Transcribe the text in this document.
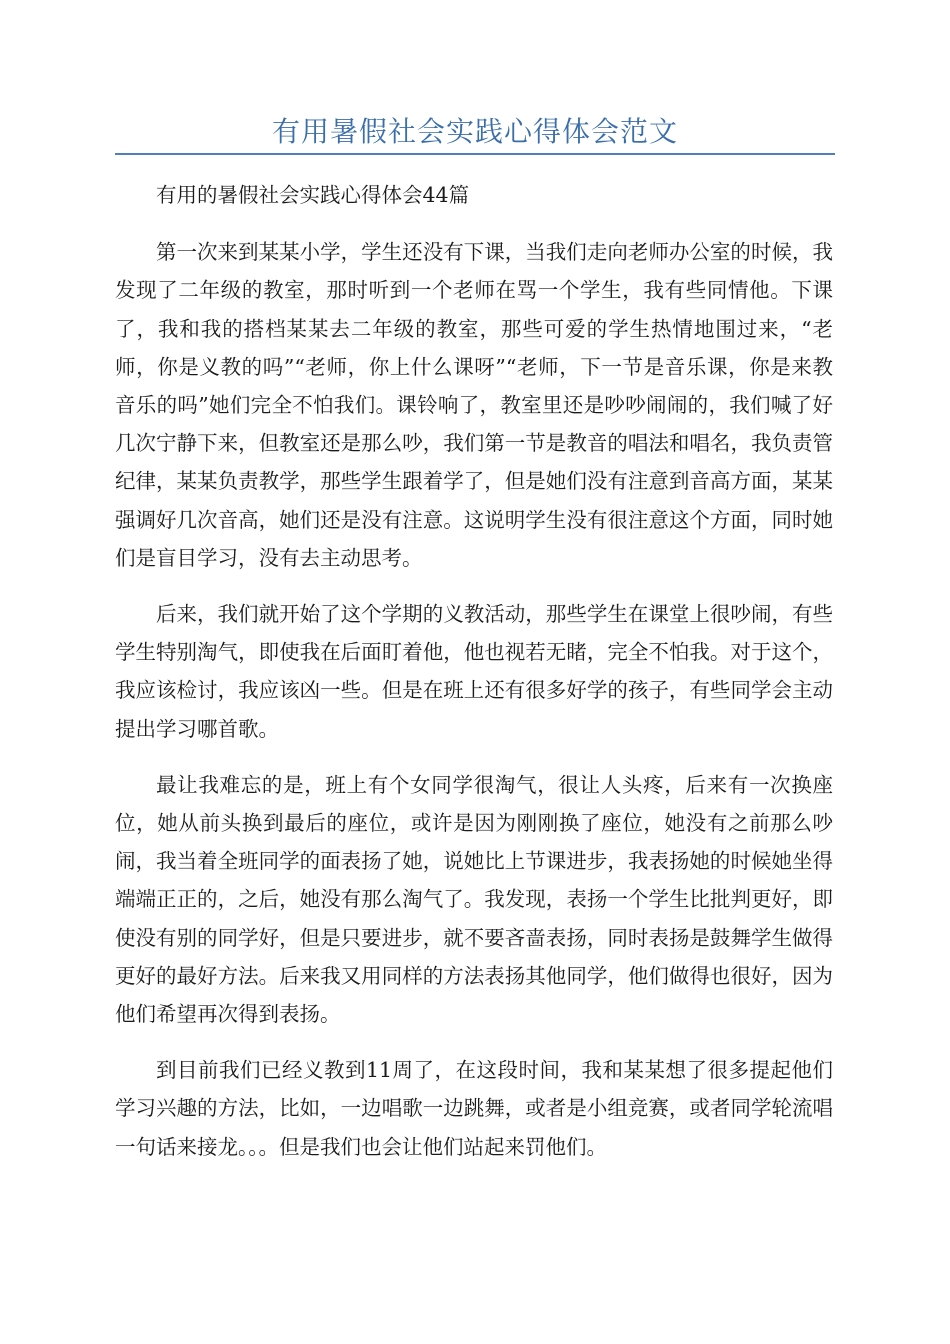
有用暑假社会实践心得体会范文

有用的暑假社会实践心得体会44篇

第一次来到某某小学，学生还没有下课，当我们走向老师办公室的时候，我发现了二年级的教室，那时听到一个老师在骂一个学生，我有些同情他。下课了，我和我的搭档某某去二年级的教室，那些可爱的学生热情地围过来，“老师，你是义教的吗”“老师，你上什么课呀”“老师，下一节是音乐课，你是来教音乐的吗”她们完全不怕我们。课铃响了，教室里还是吵吵闹闹的，我们喊了好几次宁静下来，但教室还是那么吵，我们第一节是教音的唱法和唱名，我负责管纪律，某某负责教学，那些学生跟着学了，但是她们没有注意到音高方面，某某强调好几次音高，她们还是没有注意。这说明学生没有很注意这个方面，同时她们是盲目学习，没有去主动思考。

后来，我们就开始了这个学期的义教活动，那些学生在课堂上很吵闹，有些学生特别淘气，即使我在后面盯着他，他也视若无睹，完全不怕我。对于这个，我应该检讨，我应该凶一些。但是在班上还有很多好学的孩子，有些同学会主动提出学习哪首歌。

最让我难忘的是，班上有个女同学很淘气，很让人头疼，后来有一次换座位，她从前头换到最后的座位，或许是因为刚刚换了座位，她没有之前那么吵闹，我当着全班同学的面表扬了她，说她比上节课进步，我表扬她的时候她坐得端端正正的，之后，她没有那么淘气了。我发现，表扬一个学生比批判更好，即使没有别的同学好，但是只要进步，就不要吝啬表扬，同时表扬是鼓舞学生做得更好的最好方法。后来我又用同样的方法表扬其他同学，他们做得也很好，因为他们希望再次得到表扬。

到目前我们已经义教到11周了，在这段时间，我和某某想了很多提起他们学习兴趣的方法，比如，一边唱歌一边跳舞，或者是小组竞赛，或者同学轮流唱一句话来接龙。。。但是我们也会让他们站起来罚他们。
